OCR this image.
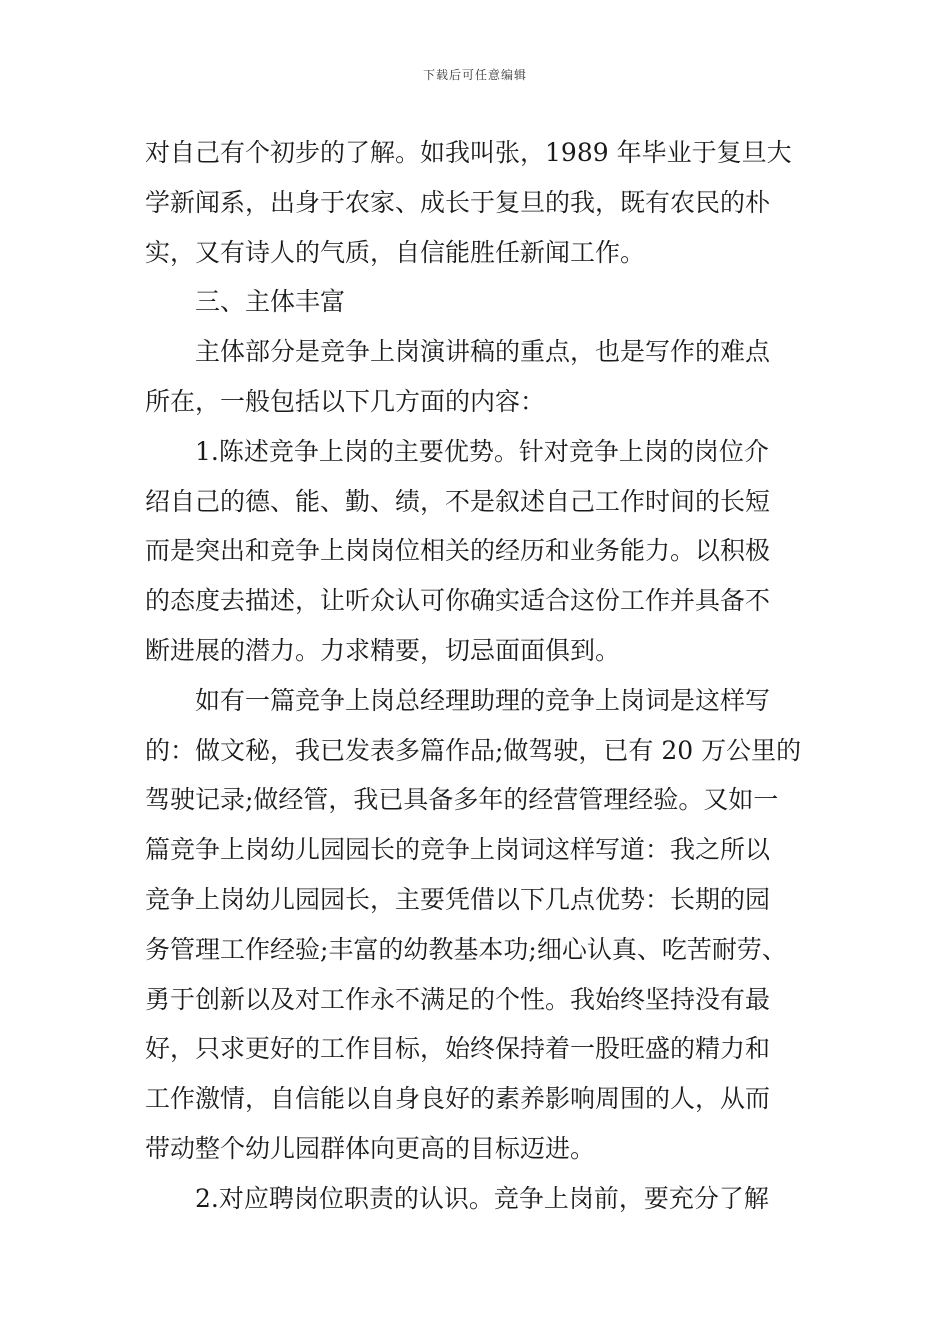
下载后可任意编辑
对自己有个初步的了解。如我叫张，1989 年毕业于复旦大
学新闻系，出身于农家、成长于复旦的我，既有农民的朴
实，又有诗人的气质，自信能胜任新闻工作。
三、主体丰富
主体部分是竞争上岗演讲稿的重点，也是写作的难点
所在，一般包括以下几方面的内容：
1.陈述竞争上岗的主要优势。针对竞争上岗的岗位介
绍自己的德、能、勤、绩，不是叙述自己工作时间的长短
而是突出和竞争上岗岗位相关的经历和业务能力。以积极
的态度去描述，让听众认可你确实适合这份工作并具备不
断进展的潜力。力求精要，切忌面面俱到。
如有一篇竞争上岗总经理助理的竞争上岗词是这样写
的：做文秘，我已发表多篇作品;做驾驶，已有 20 万公里的
驾驶记录;做经管，我已具备多年的经营管理经验。又如一
篇竞争上岗幼儿园园长的竞争上岗词这样写道：我之所以
竞争上岗幼儿园园长，主要凭借以下几点优势：长期的园
务管理工作经验;丰富的幼教基本功;细心认真、吃苦耐劳、
勇于创新以及对工作永不满足的个性。我始终坚持没有最
好，只求更好的工作目标，始终保持着一股旺盛的精力和
工作激情，自信能以自身良好的素养影响周围的人，从而
带动整个幼儿园群体向更高的目标迈进。
2.对应聘岗位职责的认识。竞争上岗前，要充分了解
